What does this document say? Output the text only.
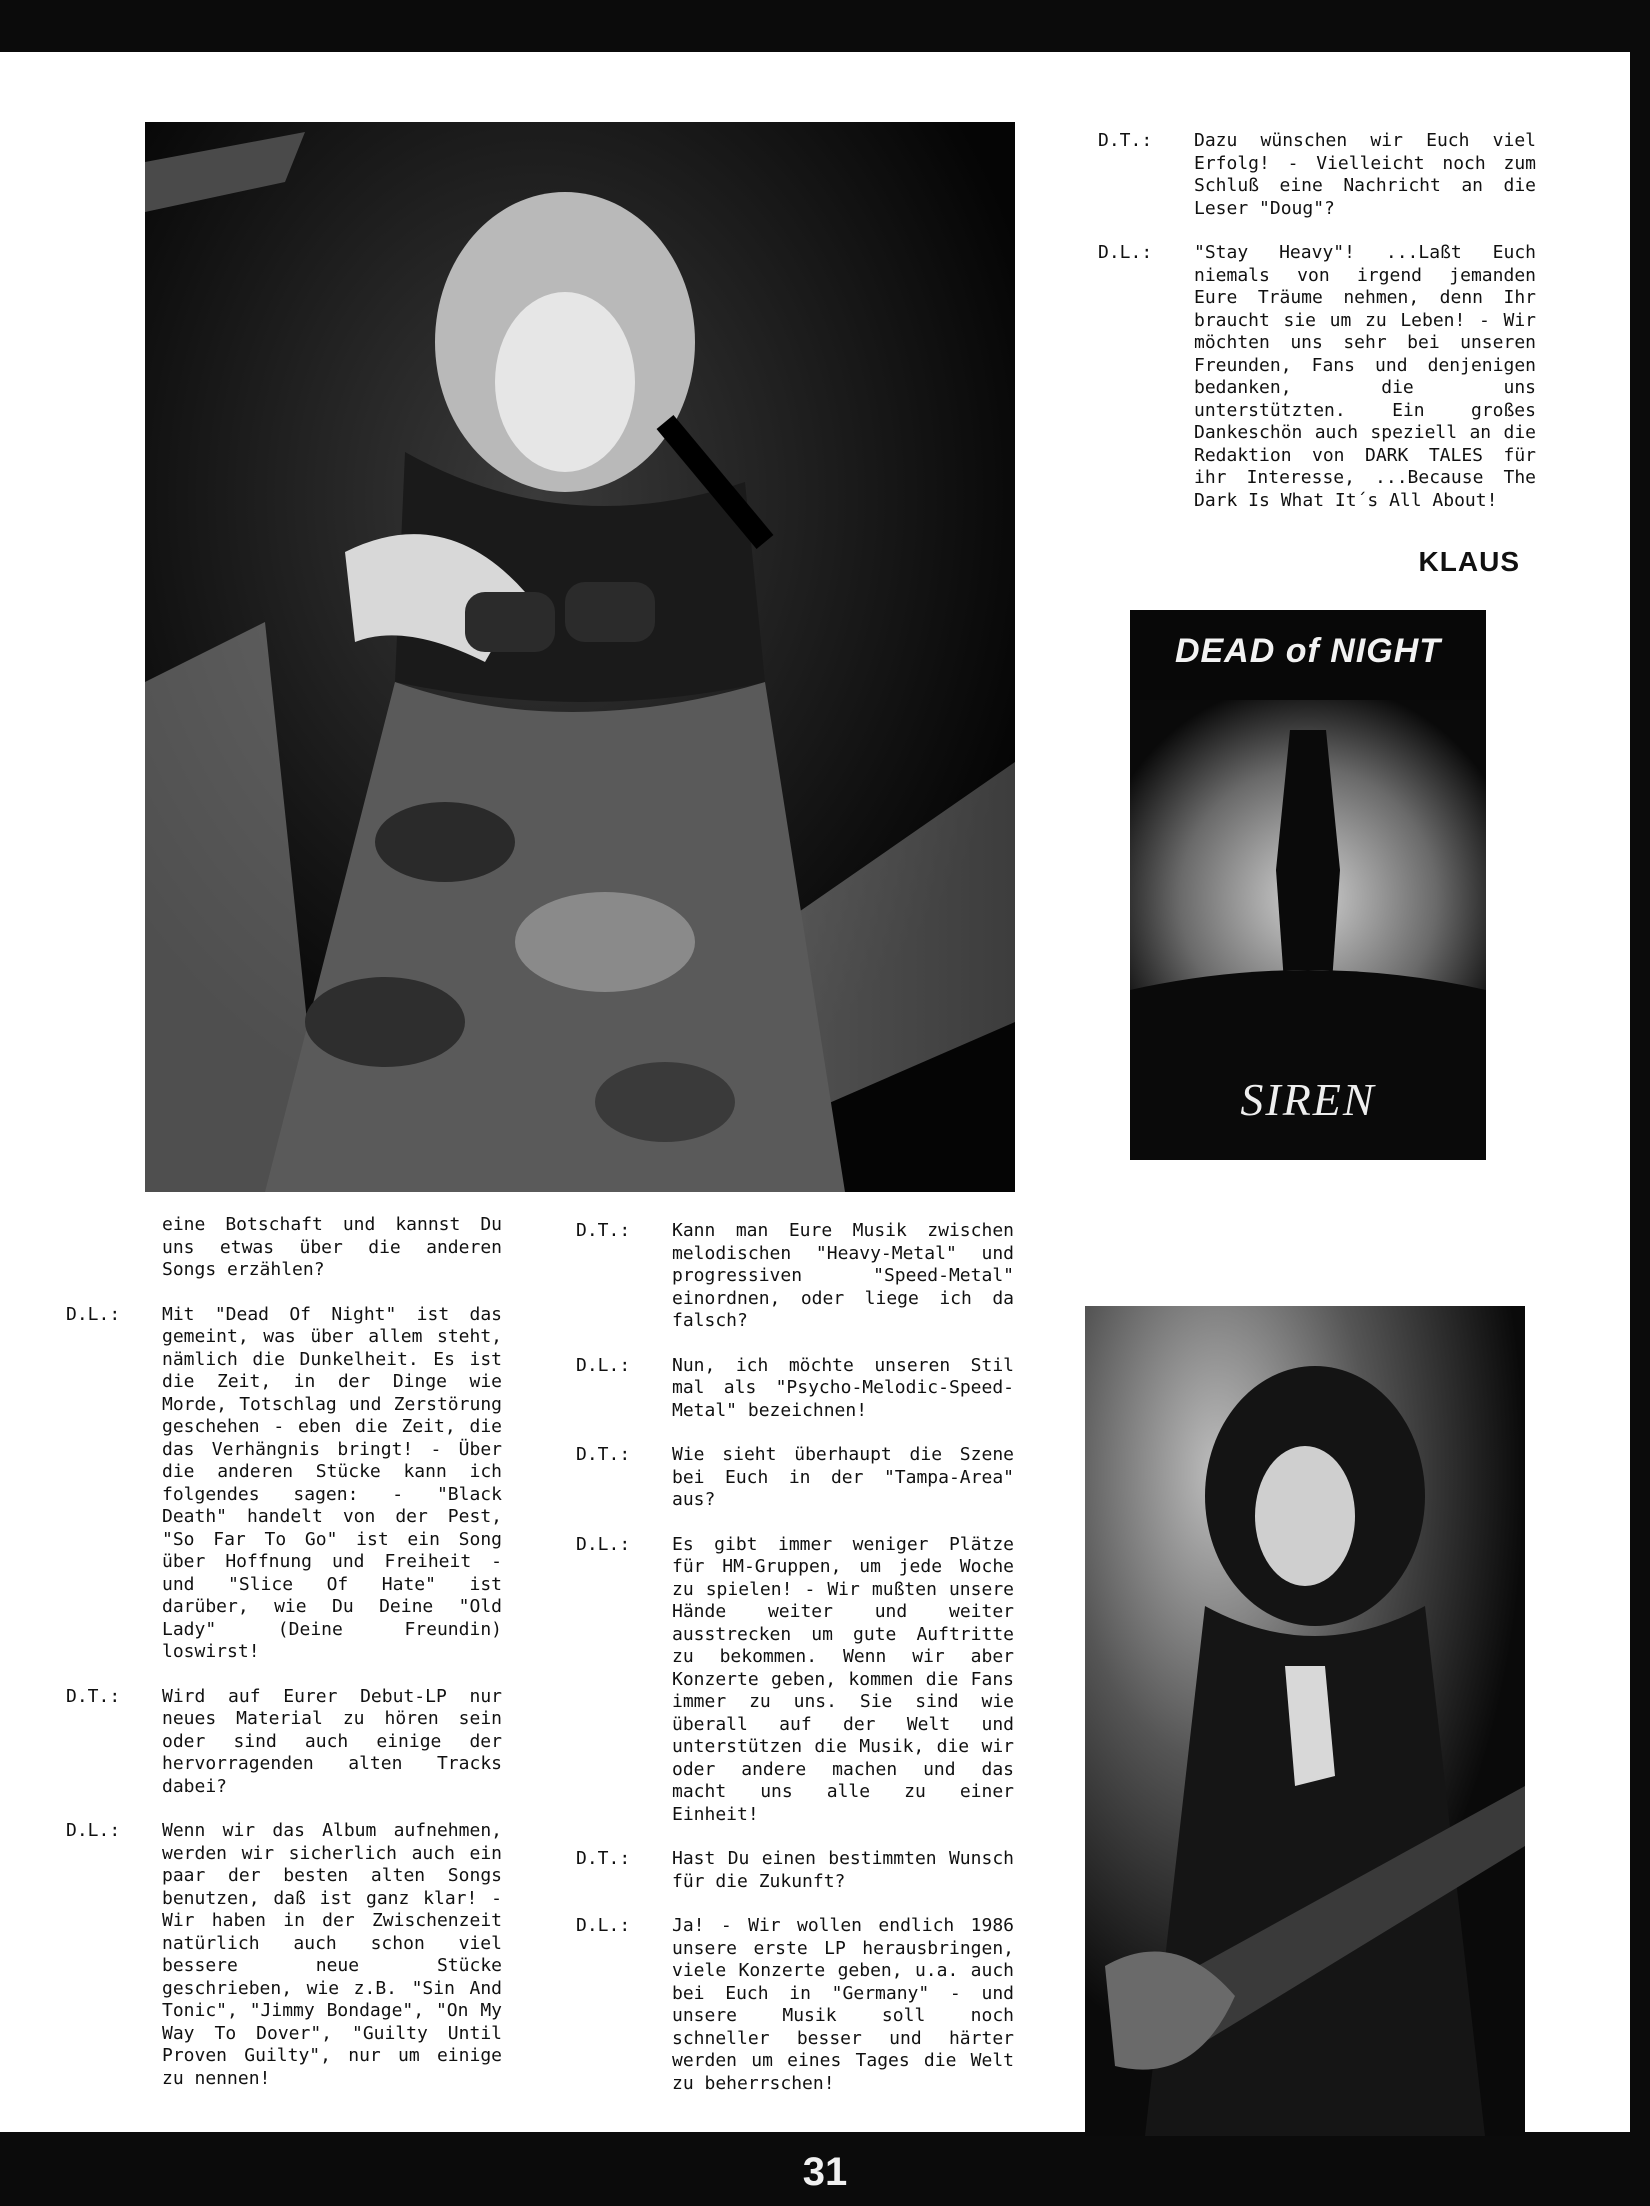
D.T.: Dazu wünschen wir Euch viel Erfolg! - Vielleicht noch zum Schluß eine Nachricht an die Leser "Doug"?
D.L.: "Stay Heavy"! ...Laßt Euch niemals von irgend jemanden Eure Träume nehmen, denn Ihr braucht sie um zu Leben! - Wir möchten uns sehr bei unseren Freunden, Fans und denjenigen bedanken, die uns unterstützten. Ein großes Dankeschön auch speziell an die Redaktion von DARK TALES für ihr Interesse, ...Because The Dark Is What It´s All About!
KLAUS
DEAD of NIGHT
SIREN
eine Botschaft und kannst Du uns etwas über die anderen Songs erzählen?
D.L.: Mit "Dead Of Night" ist das gemeint, was über allem steht, nämlich die Dunkelheit. Es ist die Zeit, in der Dinge wie Morde, Totschlag und Zerstörung geschehen - eben die Zeit, die das Verhängnis bringt! - Über die anderen Stücke kann ich folgendes sagen: - "Black Death" handelt von der Pest, "So Far To Go" ist ein Song über Hoffnung und Freiheit - und "Slice Of Hate" ist darüber, wie Du Deine "Old Lady" (Deine Freundin) loswirst!
D.T.: Wird auf Eurer Debut-LP nur neues Material zu hören sein oder sind auch einige der hervorragenden alten Tracks dabei?
D.L.: Wenn wir das Album aufnehmen, werden wir sicherlich auch ein paar der besten alten Songs benutzen, daß ist ganz klar! - Wir haben in der Zwischenzeit natürlich auch schon viel bessere neue Stücke geschrieben, wie z.B. "Sin And Tonic", "Jimmy Bondage", "On My Way To Dover", "Guilty Until Proven Guilty", nur um einige zu nennen!
D.T.: Kann man Eure Musik zwischen melodischen "Heavy-Metal" und progressiven "Speed-Metal" einordnen, oder liege ich da falsch?
D.L.: Nun, ich möchte unseren Stil mal als "Psycho-Melodic-Speed-Metal" bezeichnen!
D.T.: Wie sieht überhaupt die Szene bei Euch in der "Tampa-Area" aus?
D.L.: Es gibt immer weniger Plätze für HM-Gruppen, um jede Woche zu spielen! - Wir mußten unsere Hände weiter und weiter ausstrecken um gute Auftritte zu bekommen. Wenn wir aber Konzerte geben, kommen die Fans immer zu uns. Sie sind wie überall auf der Welt und unterstützen die Musik, die wir oder andere machen und das macht uns alle zu einer Einheit!
D.T.: Hast Du einen bestimmten Wunsch für die Zukunft?
D.L.: Ja! - Wir wollen endlich 1986 unsere erste LP herausbringen, viele Konzerte geben, u.a. auch bei Euch in "Germany" - und unsere Musik soll noch schneller besser und härter werden um eines Tages die Welt zu beherrschen!
31
